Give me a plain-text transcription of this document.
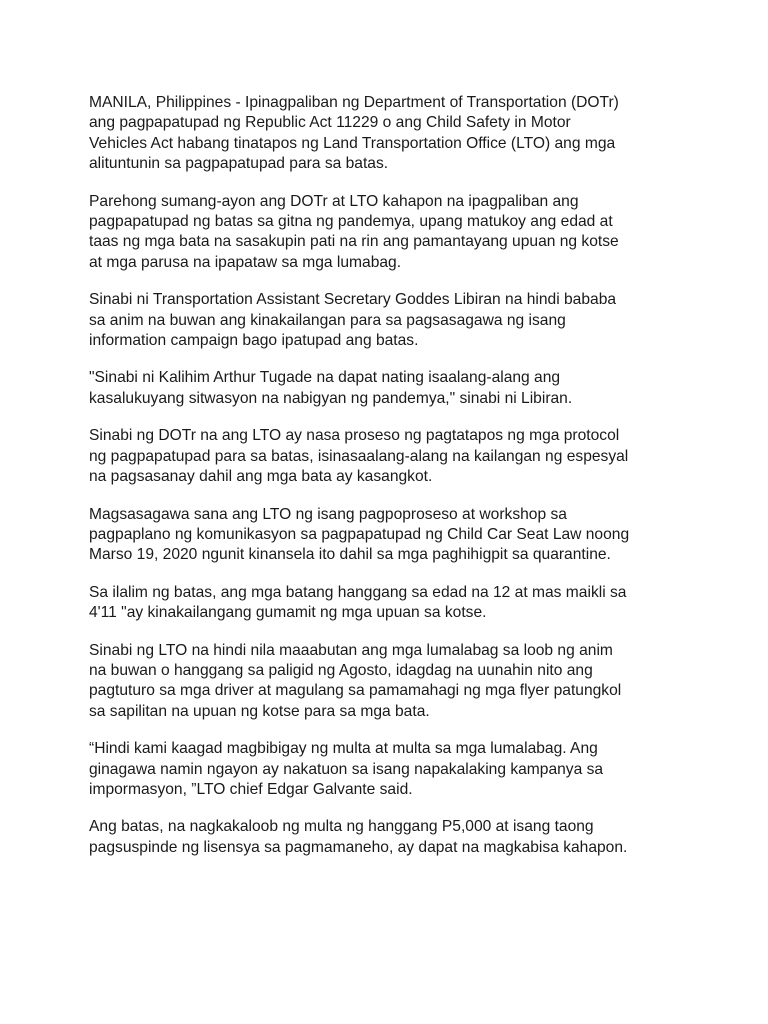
MANILA, Philippines - Ipinagpaliban ng Department of Transportation (DOTr)
ang pagpapatupad ng Republic Act 11229 o ang Child Safety in Motor
Vehicles Act habang tinatapos ng Land Transportation Office (LTO) ang mga
alituntunin sa pagpapatupad para sa batas.

Parehong sumang-ayon ang DOTr at LTO kahapon na ipagpaliban ang
pagpapatupad ng batas sa gitna ng pandemya, upang matukoy ang edad at
taas ng mga bata na sasakupin pati na rin ang pamantayang upuan ng kotse
at mga parusa na ipapataw sa mga lumabag.

Sinabi ni Transportation Assistant Secretary Goddes Libiran na hindi bababa
sa anim na buwan ang kinakailangan para sa pagsasagawa ng isang
information campaign bago ipatupad ang batas.

"Sinabi ni Kalihim Arthur Tugade na dapat nating isaalang-alang ang
kasalukuyang sitwasyon na nabigyan ng pandemya," sinabi ni Libiran.

Sinabi ng DOTr na ang LTO ay nasa proseso ng pagtatapos ng mga protocol
ng pagpapatupad para sa batas, isinasaalang-alang na kailangan ng espesyal
na pagsasanay dahil ang mga bata ay kasangkot.

Magsasagawa sana ang LTO ng isang pagpoproseso at workshop sa
pagpaplano ng komunikasyon sa pagpapatupad ng Child Car Seat Law noong
Marso 19, 2020 ngunit kinansela ito dahil sa mga paghihigpit sa quarantine.

Sa ilalim ng batas, ang mga batang hanggang sa edad na 12 at mas maikli sa
4'11 "ay kinakailangang gumamit ng mga upuan sa kotse.

Sinabi ng LTO na hindi nila maaabutan ang mga lumalabag sa loob ng anim
na buwan o hanggang sa paligid ng Agosto, idagdag na uunahin nito ang
pagtuturo sa mga driver at magulang sa pamamahagi ng mga flyer patungkol
sa sapilitan na upuan ng kotse para sa mga bata.

“Hindi kami kaagad magbibigay ng multa at multa sa mga lumalabag. Ang
ginagawa namin ngayon ay nakatuon sa isang napakalaking kampanya sa
impormasyon, ”LTO chief Edgar Galvante said.

Ang batas, na nagkakaloob ng multa ng hanggang P5,000 at isang taong
pagsuspinde ng lisensya sa pagmamaneho, ay dapat na magkabisa kahapon.
